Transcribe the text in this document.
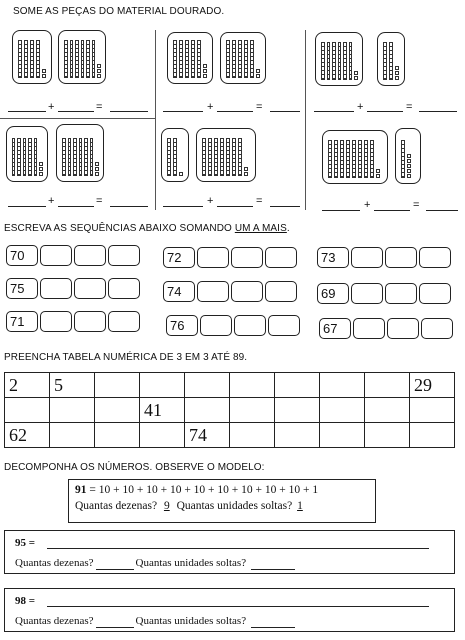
SOME AS PEÇAS DO MATERIAL DOURADO.
+	=
+	=
+	=
+	=
+	=
+	=
ESCREVA AS SEQUÊNCIAS ABAIXO SOMANDO UM A MAIS.
70	72	73
75	74	69
71	76	67
PREENCHA TABELA NUMÉRICA DE 3 EM 3 ATÉ 89.
2	5								29
			41						
62				74					
DECOMPONHA OS NÚMEROS. OBSERVE O MODELO:
91 = 10 + 10 + 10 + 10 + 10 + 10 + 10 + 10 + 10 + 1
Quantas dezenas? 9 Quantas unidades soltas? 1
95 =
Quantas dezenas?	Quantas unidades soltas?
98 =
Quantas dezenas?	Quantas unidades soltas?
